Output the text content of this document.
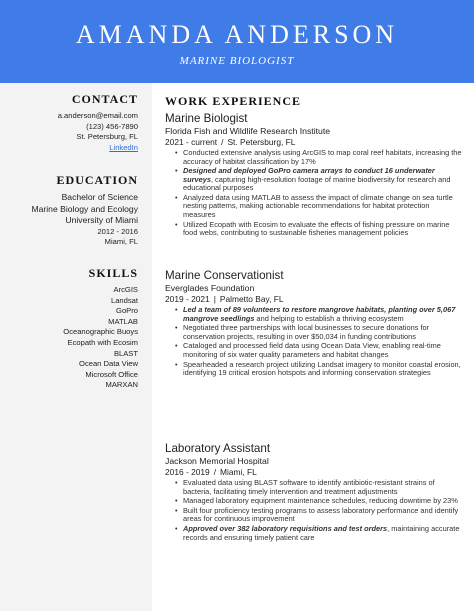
AMANDA ANDERSON
MARINE BIOLOGIST
CONTACT
a.anderson@email.com
(123) 456-7890
St. Petersburg, FL
LinkedIn
EDUCATION
Bachelor of Science
Marine Biology and Ecology
University of Miami
2012 - 2016
Miami, FL
SKILLS
ArcGIS
Landsat
GoPro
MATLAB
Oceanographic Buoys
Ecopath with Ecosim
BLAST
Ocean Data View
Microsoft Office
MARXAN
WORK EXPERIENCE
Marine Biologist
Florida Fish and Wildlife Research Institute
2021 - current / St. Petersburg, FL
• Conducted extensive analysis using ArcGIS to map coral reef habitats, increasing the accuracy of habitat classification by 17%
• Designed and deployed GoPro camera arrays to conduct 16 underwater surveys, capturing high-resolution footage of marine biodiversity for research and educational purposes
• Analyzed data using MATLAB to assess the impact of climate change on sea turtle nesting patterns, making actionable recommendations for habitat protection measures
• Utilized Ecopath with Ecosim to evaluate the effects of fishing pressure on marine food webs, contributing to sustainable fisheries management policies
Marine Conservationist
Everglades Foundation
2019 - 2021 | Palmetto Bay, FL
• Led a team of 89 volunteers to restore mangrove habitats, planting over 5,067 mangrove seedlings and helping to establish a thriving ecosystem
• Negotiated three partnerships with local businesses to secure donations for conservation projects, resulting in over $50,034 in funding contributions
• Cataloged and processed field data using Ocean Data View, enabling real-time monitoring of six water quality parameters and habitat changes
• Spearheaded a research project utilizing Landsat imagery to monitor coastal erosion, identifying 19 critical erosion hotspots and informing conservation strategies
Laboratory Assistant
Jackson Memorial Hospital
2016 - 2019 / Miami, FL
• Evaluated data using BLAST software to identify antibiotic-resistant strains of bacteria, facilitating timely intervention and treatment adjustments
• Managed laboratory equipment maintenance schedules, reducing downtime by 23%
• Built four proficiency testing programs to assess laboratory performance and identify areas for continuous improvement
• Approved over 382 laboratory requisitions and test orders, maintaining accurate records and ensuring timely patient care
